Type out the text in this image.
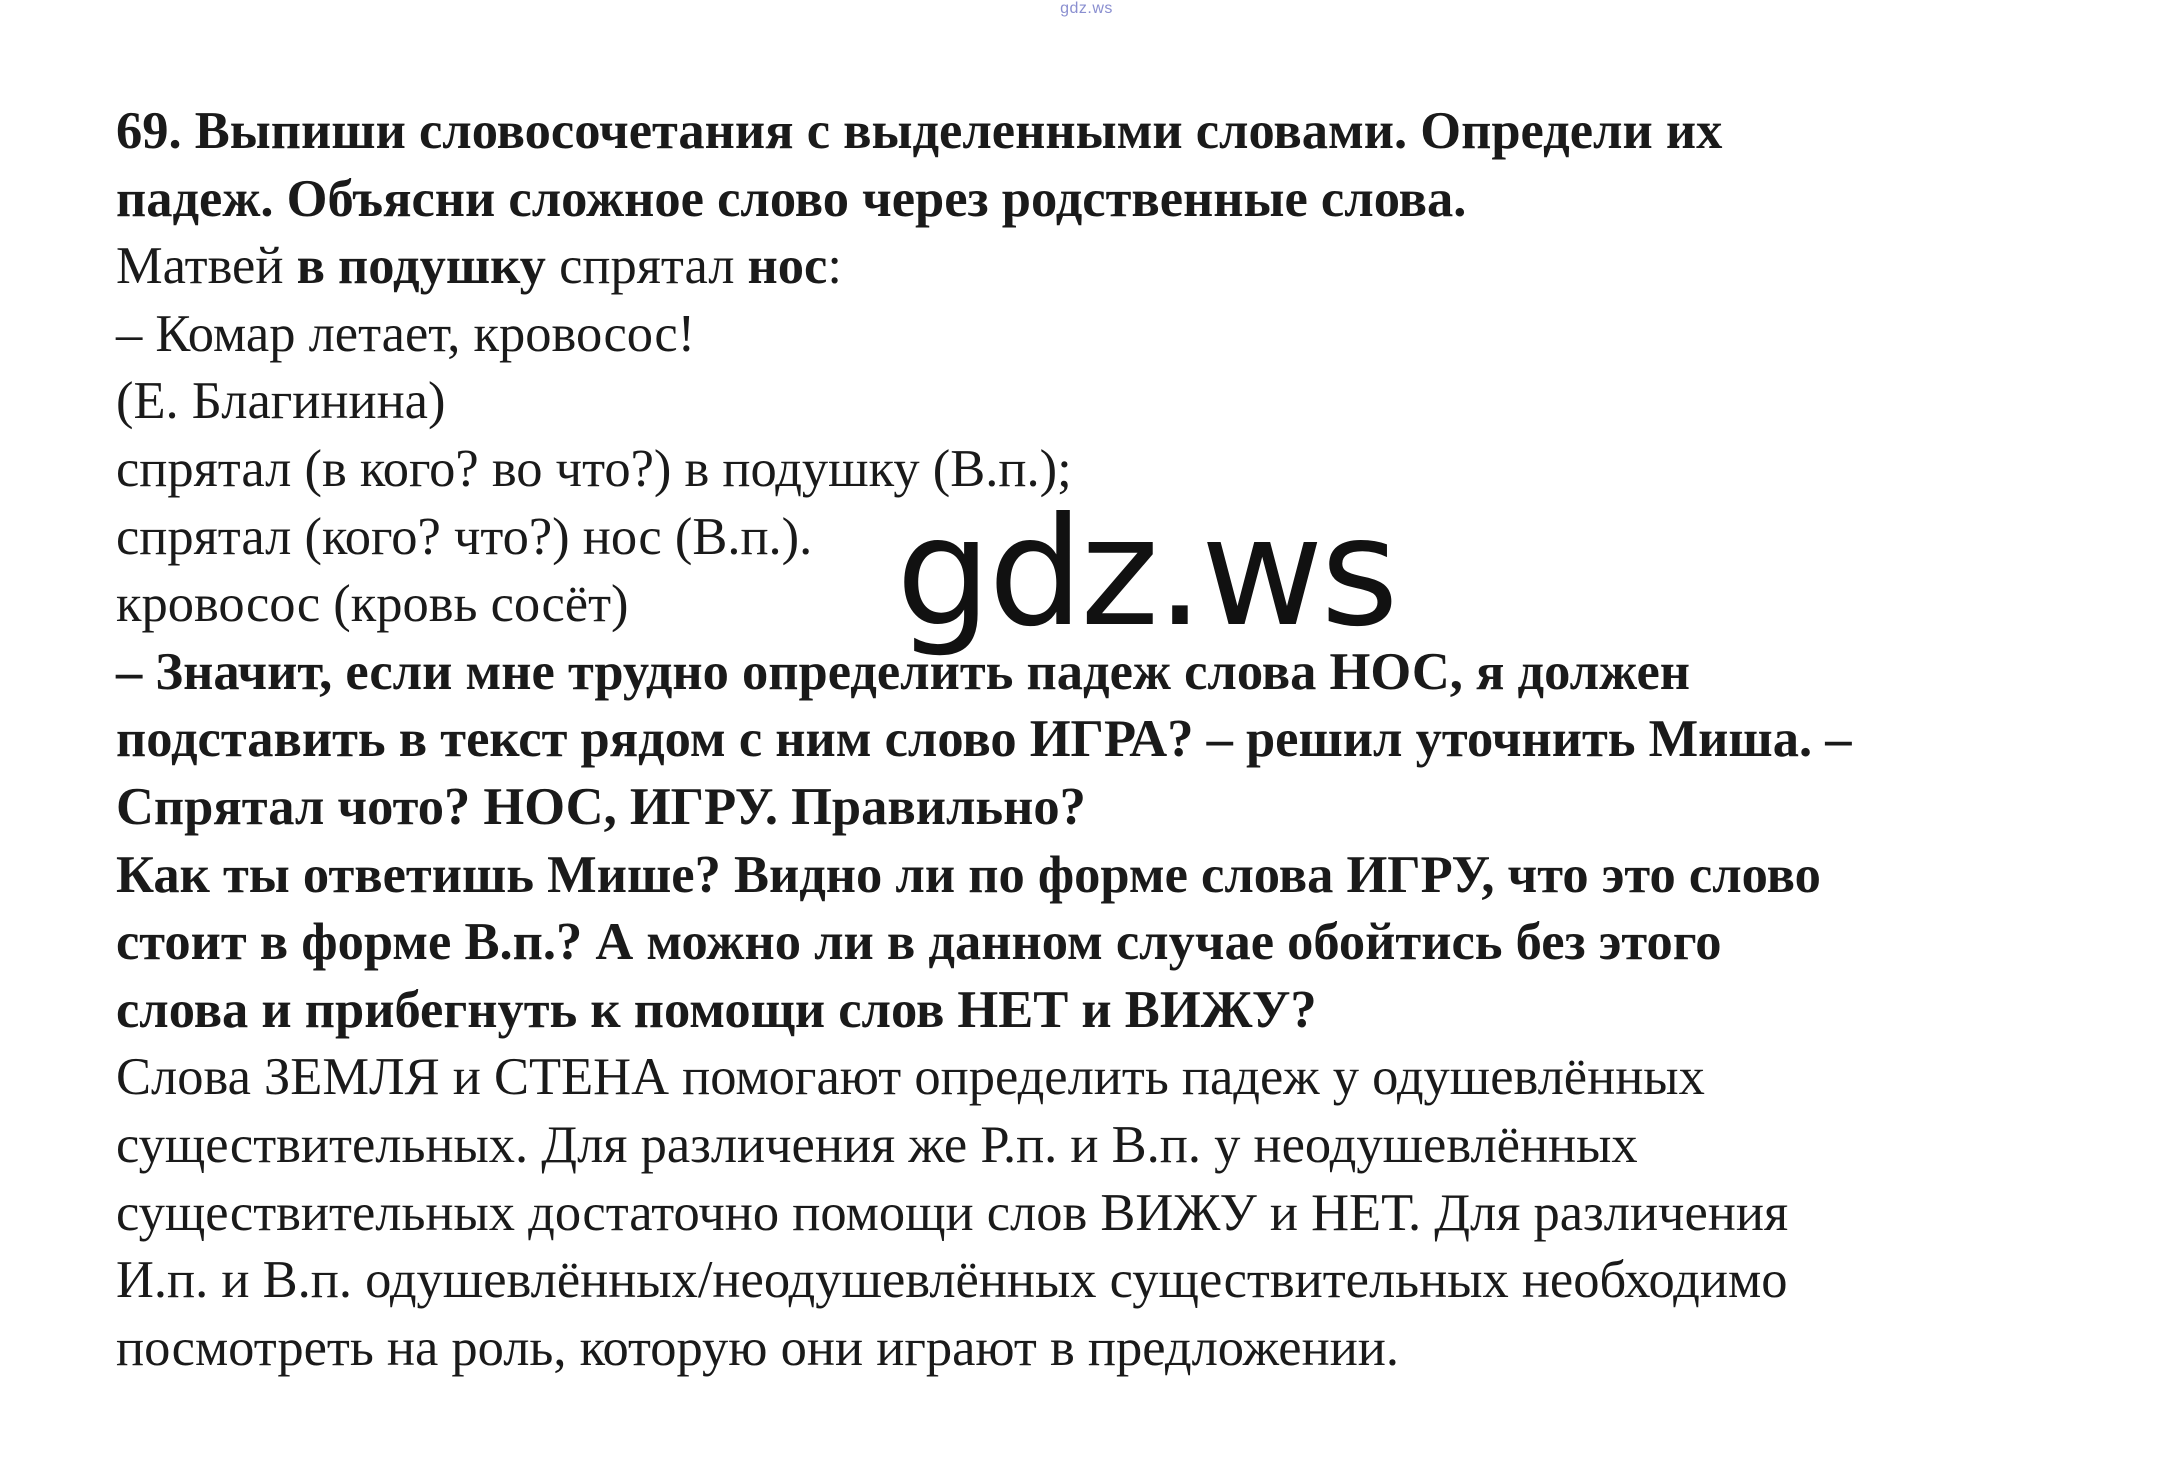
gdz.ws
69. Выпиши словосочетания с выделенными словами. Определи их
падеж. Объясни сложное слово через родственные слова.
Матвей в подушку спрятал нос:
– Комар летает, кровосос!
(Е. Благинина)
спрятал (в кого? во что?) в подушку (В.п.);
спрятал (кого? что?) нос (В.п.).
кровосос (кровь сосёт)
– Значит, если мне трудно определить падеж слова НОС, я должен
подставить в текст рядом с ним слово ИГРА? – решил уточнить Миша. –
Спрятал чото? НОС, ИГРУ. Правильно?
Как ты ответишь Мише? Видно ли по форме слова ИГРУ, что это слово
стоит в форме В.п.? А можно ли в данном случае обойтись без этого
слова и прибегнуть к помощи слов НЕТ и ВИЖУ?
Слова ЗЕМЛЯ и СТЕНА помогают определить падеж у одушевлённых
существительных. Для различения же Р.п. и В.п. у неодушевлённых
существительных достаточно помощи слов ВИЖУ и НЕТ. Для различения
И.п. и В.п. одушевлённых/неодушевлённых существительных необходимо
посмотреть на роль, которую они играют в предложении.
gdz.ws
